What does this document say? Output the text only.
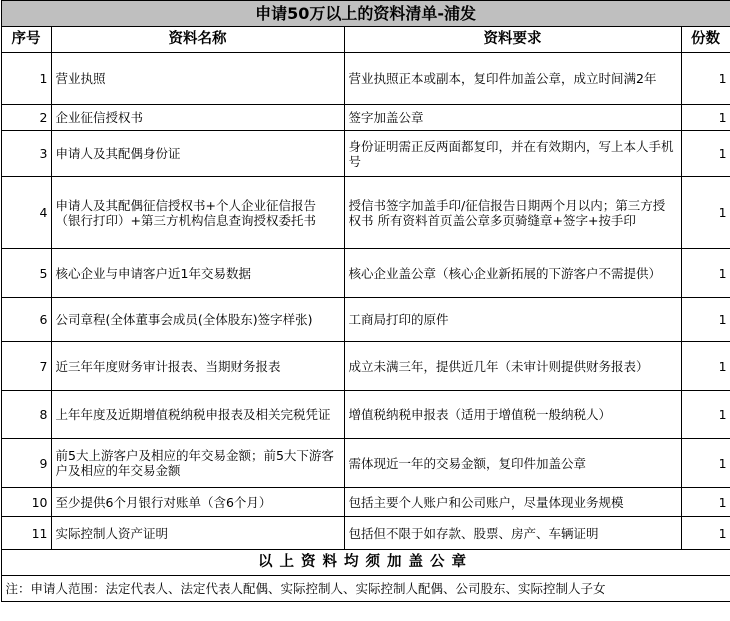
申请50万以上的资料清单-浦发			
序号	资料名称	资料要求	份数
1	营业执照	营业执照正本或副本，复印件加盖公章，成立时间满2年	1
2	企业征信授权书	签字加盖公章	1
3	申请人及其配偶身份证	身份证明需正反两面都复印，并在有效期内，写上本人手机号	1
4	申请人及其配偶征信授权书+个人企业征信报告（银行打印）+第三方机构信息查询授权委托书	授信书签字加盖手印/征信报告日期两个月以内；第三方授权书 所有资料首页盖公章多页骑缝章+签字+按手印	1
5	核心企业与申请客户近1年交易数据	核心企业盖公章（核心企业新拓展的下游客户不需提供）	1
6	公司章程(全体董事会成员(全体股东)签字样张)	工商局打印的原件	1
7	近三年年度财务审计报表、当期财务报表	成立未满三年，提供近几年（未审计则提供财务报表）	1
8	上年年度及近期增值税纳税申报表及相关完税凭证	增值税纳税申报表（适用于增值税一般纳税人）	1
9	前5大上游客户及相应的年交易金额；前5大下游客户及相应的年交易金额	需体现近一年的交易金额，复印件加盖公章	1
10	至少提供6个月银行对账单（含6个月）	包括主要个人账户和公司账户，尽量体现业务规模	1
11	实际控制人资产证明	包括但不限于如存款、股票、房产、车辆证明	1
以上资料均须加盖公章			
注：申请人范围：法定代表人、法定代表人配偶、实际控制人、实际控制人配偶、公司股东、实际控制人子女			
